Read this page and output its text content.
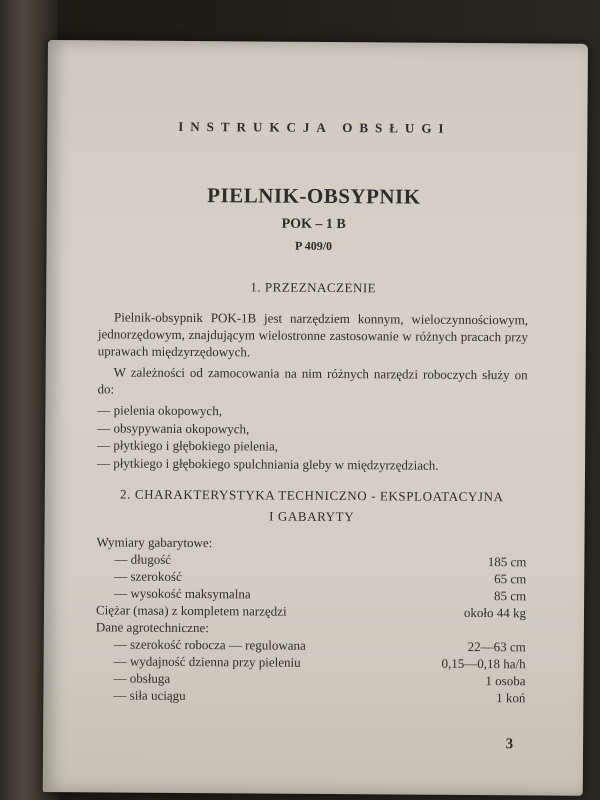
INSTRUKCJA OBSŁUGI
PIELNIK-OBSYPNIK
POK – 1 B
P 409/0
1. PRZEZNACZENIE

Pielnik-obsypnik POK-1B jest narzędziem konnym, wieloczynnościowym, jednorzędowym, znajdującym wielostronne zastosowanie w różnych pracach przy uprawach międzyrzędowych.

W zależności od zamocowania na nim różnych narzędzi roboczych służy on do:

— pielenia okopowych,
— obsypywania okopowych,
— płytkiego i głębokiego pielenia,
— płytkiego i głębokiego spulchniania gleby w międzyrzędziach.
2. CHARAKTERYSTYKA TECHNICZNO - EKSPLOATACYJNA
I GABARYTY
Wymiary gabarytowe:
— długość	185 cm
— szerokość	65 cm
— wysokość maksymalna	85 cm
Ciężar (masa) z kompletem narzędzi	około 44 kg
Dane agrotechniczne:
— szerokość robocza — regulowana	22—63 cm
— wydajność dzienna przy pieleniu	0,15—0,18 ha/h
— obsługa	1 osoba
— siła uciągu	1 koń
3
